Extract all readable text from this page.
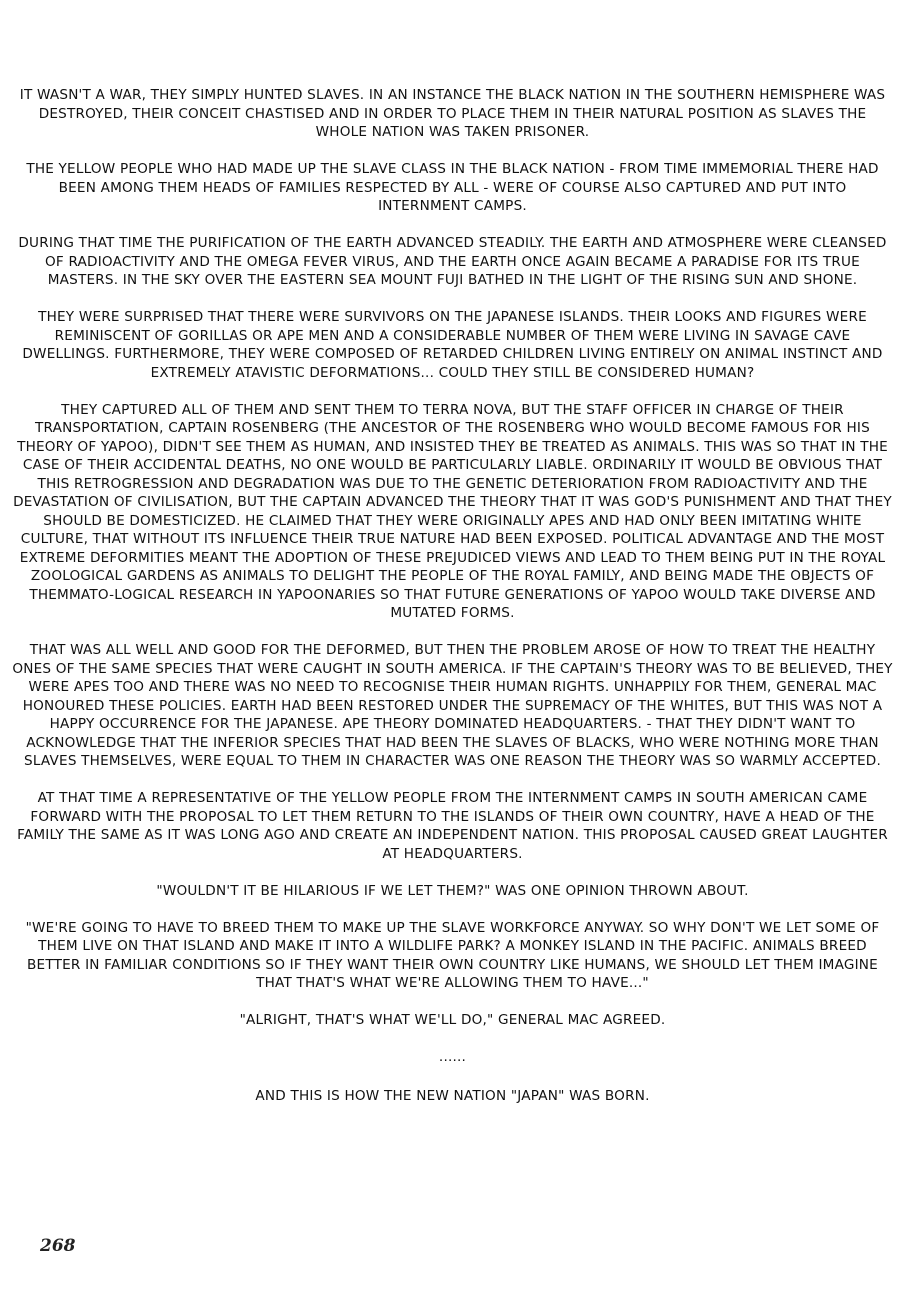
IT WASN'T A WAR, THEY SIMPLY HUNTED SLAVES. IN AN INSTANCE THE BLACK NATION IN THE SOUTHERN HEMISPHERE WAS DESTROYED, THEIR CONCEIT CHASTISED AND IN ORDER TO PLACE THEM IN THEIR NATURAL POSITION AS SLAVES THE WHOLE NATION WAS TAKEN PRISONER.

THE YELLOW PEOPLE WHO HAD MADE UP THE SLAVE CLASS IN THE BLACK NATION - FROM TIME IMMEMORIAL THERE HAD BEEN AMONG THEM HEADS OF FAMILIES RESPECTED BY ALL - WERE OF COURSE ALSO CAPTURED AND PUT INTO INTERNMENT CAMPS.

DURING THAT TIME THE PURIFICATION OF THE EARTH ADVANCED STEADILY. THE EARTH AND ATMOSPHERE WERE CLEANSED OF RADIOACTIVITY AND THE OMEGA FEVER VIRUS, AND THE EARTH ONCE AGAIN BECAME A PARADISE FOR ITS TRUE MASTERS. IN THE SKY OVER THE EASTERN SEA MOUNT FUJI BATHED IN THE LIGHT OF THE RISING SUN AND SHONE.

THEY WERE SURPRISED THAT THERE WERE SURVIVORS ON THE JAPANESE ISLANDS. THEIR LOOKS AND FIGURES WERE REMINISCENT OF GORILLAS OR APE MEN AND A CONSIDERABLE NUMBER OF THEM WERE LIVING IN SAVAGE CAVE DWELLINGS. FURTHERMORE, THEY WERE COMPOSED OF RETARDED CHILDREN LIVING ENTIRELY ON ANIMAL INSTINCT AND EXTREMELY ATAVISTIC DEFORMATIONS... COULD THEY STILL BE CONSIDERED HUMAN?

THEY CAPTURED ALL OF THEM AND SENT THEM TO TERRA NOVA, BUT THE STAFF OFFICER IN CHARGE OF THEIR TRANSPORTATION, CAPTAIN ROSENBERG (THE ANCESTOR OF THE ROSENBERG WHO WOULD BECOME FAMOUS FOR HIS THEORY OF YAPOO), DIDN'T SEE THEM AS HUMAN, AND INSISTED THEY BE TREATED AS ANIMALS. THIS WAS SO THAT IN THE CASE OF THEIR ACCIDENTAL DEATHS, NO ONE WOULD BE PARTICULARLY LIABLE. ORDINARILY IT WOULD BE OBVIOUS THAT THIS RETROGRESSION AND DEGRADATION WAS DUE TO THE GENETIC DETERIORATION FROM RADIOACTIVITY AND THE DEVASTATION OF CIVILISATION, BUT THE CAPTAIN ADVANCED THE THEORY THAT IT WAS GOD'S PUNISHMENT AND THAT THEY SHOULD BE DOMESTICIZED. HE CLAIMED THAT THEY WERE ORIGINALLY APES AND HAD ONLY BEEN IMITATING WHITE CULTURE, THAT WITHOUT ITS INFLUENCE THEIR TRUE NATURE HAD BEEN EXPOSED. POLITICAL ADVANTAGE AND THE MOST EXTREME DEFORMITIES MEANT THE ADOPTION OF THESE PREJUDICED VIEWS AND LEAD TO THEM BEING PUT IN THE ROYAL ZOOLOGICAL GARDENS AS ANIMALS TO DELIGHT THE PEOPLE OF THE ROYAL FAMILY, AND BEING MADE THE OBJECTS OF THEMMATO-LOGICAL RESEARCH IN YAPOONARIES SO THAT FUTURE GENERATIONS OF YAPOO WOULD TAKE DIVERSE AND MUTATED FORMS.

THAT WAS ALL WELL AND GOOD FOR THE DEFORMED, BUT THEN THE PROBLEM AROSE OF HOW TO TREAT THE HEALTHY ONES OF THE SAME SPECIES THAT WERE CAUGHT IN SOUTH AMERICA. IF THE CAPTAIN'S THEORY WAS TO BE BELIEVED, THEY WERE APES TOO AND THERE WAS NO NEED TO RECOGNISE THEIR HUMAN RIGHTS. UNHAPPILY FOR THEM, GENERAL MAC HONOURED THESE POLICIES. EARTH HAD BEEN RESTORED UNDER THE SUPREMACY OF THE WHITES, BUT THIS WAS NOT A HAPPY OCCURRENCE FOR THE JAPANESE. APE THEORY DOMINATED HEADQUARTERS. - THAT THEY DIDN'T WANT TO ACKNOWLEDGE THAT THE INFERIOR SPECIES THAT HAD BEEN THE SLAVES OF BLACKS, WHO WERE NOTHING MORE THAN SLAVES THEMSELVES, WERE EQUAL TO THEM IN CHARACTER WAS ONE REASON THE THEORY WAS SO WARMLY ACCEPTED.

AT THAT TIME A REPRESENTATIVE OF THE YELLOW PEOPLE FROM THE INTERNMENT CAMPS IN SOUTH AMERICAN CAME FORWARD WITH THE PROPOSAL TO LET THEM RETURN TO THE ISLANDS OF THEIR OWN COUNTRY, HAVE A HEAD OF THE FAMILY THE SAME AS IT WAS LONG AGO AND CREATE AN INDEPENDENT NATION. THIS PROPOSAL CAUSED GREAT LAUGHTER AT HEADQUARTERS.

"WOULDN'T IT BE HILARIOUS IF WE LET THEM?" WAS ONE OPINION THROWN ABOUT.

"WE'RE GOING TO HAVE TO BREED THEM TO MAKE UP THE SLAVE WORKFORCE ANYWAY. SO WHY DON'T WE LET SOME OF THEM LIVE ON THAT ISLAND AND MAKE IT INTO A WILDLIFE PARK? A MONKEY ISLAND IN THE PACIFIC. ANIMALS BREED BETTER IN FAMILIAR CONDITIONS SO IF THEY WANT THEIR OWN COUNTRY LIKE HUMANS, WE SHOULD LET THEM IMAGINE THAT THAT'S WHAT WE'RE ALLOWING THEM TO HAVE..."

"ALRIGHT, THAT'S WHAT WE'LL DO," GENERAL MAC AGREED.

......

AND THIS IS HOW THE NEW NATION "JAPAN" WAS BORN.

268
